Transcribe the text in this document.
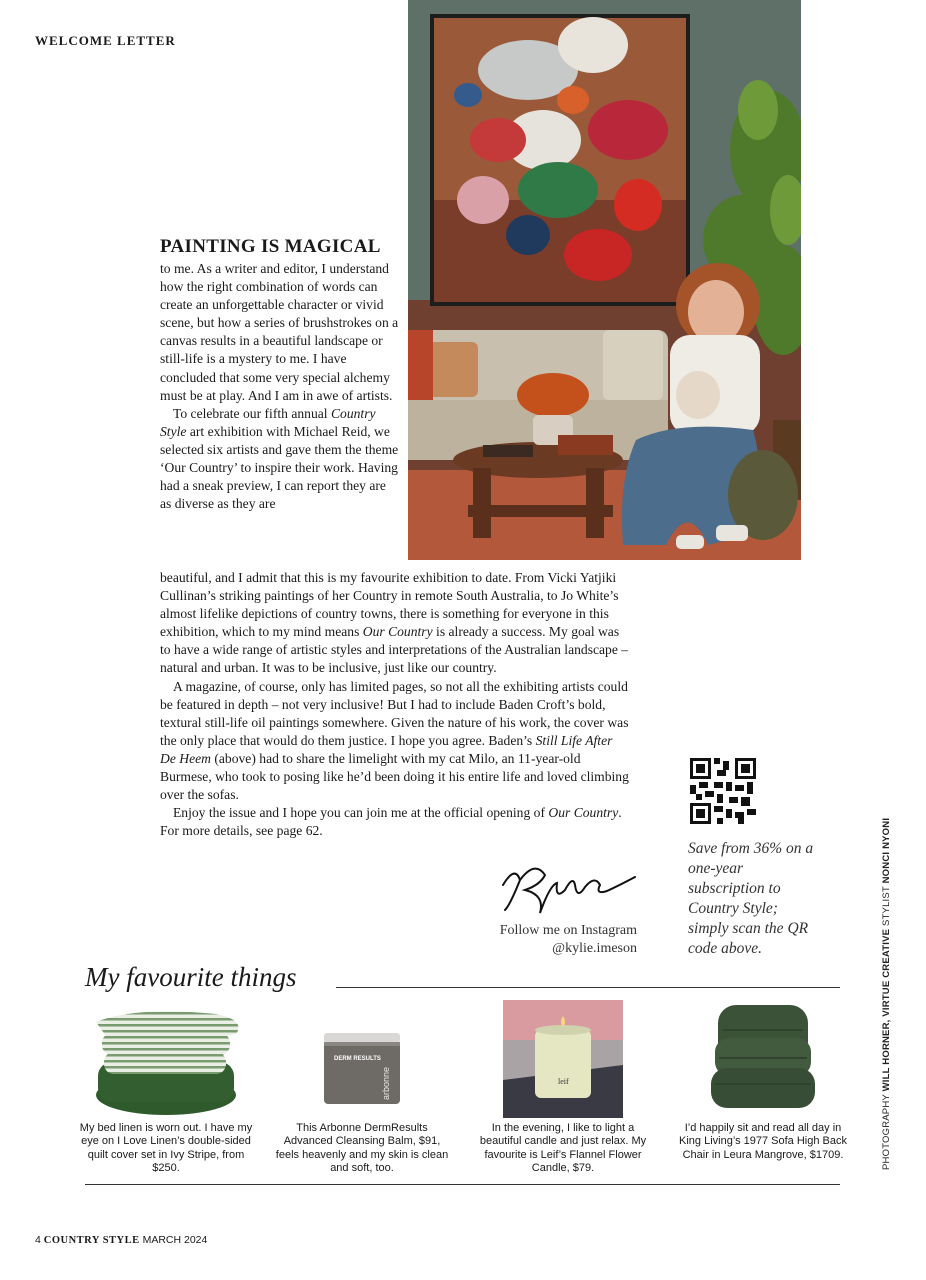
WELCOME LETTER
PAINTING IS MAGICAL

to me. As a writer and editor, I understand how the right combination of words can create an unforgettable character or vivid scene, but how a series of brushstrokes on a canvas results in a beautiful landscape or still-life is a mystery to me. I have concluded that some very special alchemy must be at play. And I am in awe of artists.

To celebrate our fifth annual Country Style art exhibition with Michael Reid, we selected six artists and gave them the theme ‘Our Country’ to inspire their work. Having had a sneak preview, I can report they are as diverse as they are

beautiful, and I admit that this is my favourite exhibition to date. From Vicki Yatjiki Cullinan’s striking paintings of her Country in remote South Australia, to Jo White’s almost lifelike depictions of country towns, there is something for everyone in this exhibition, which to my mind means Our Country is already a success. My goal was to have a wide range of artistic styles and interpretations of the Australian landscape – natural and urban. It was to be inclusive, just like our country.

A magazine, of course, only has limited pages, so not all the exhibiting artists could be featured in depth – not very inclusive! But I had to include Baden Croft’s bold, textural still-life oil paintings somewhere. Given the nature of his work, the cover was the only place that would do them justice. I hope you agree. Baden’s Still Life After De Heem (above) had to share the limelight with my cat Milo, an 11-year-old Burmese, who took to posing like he’d been doing it his entire life and loved climbing over the sofas.

Enjoy the issue and I hope you can join me at the official opening of Our Country. For more details, see page 62.

Follow me on Instagram
@kylie.imeson
Save from 36% on a one-year subscription to Country Style; simply scan the QR code above.
PHOTOGRAPHY WILL HORNER, VIRTUE CREATIVE STYLIST NONCI NYONI
My favourite things
My bed linen is worn out. I have my eye on I Love Linen’s double-sided quilt cover set in Ivy Stripe, from $250.
DERM RESULTS
arbonne
This Arbonne DermResults Advanced Cleansing Balm, $91, feels heavenly and my skin is clean and soft, too.
leif
In the evening, I like to light a beautiful candle and just relax. My favourite is Leif’s Flannel Flower Candle, $79.
I’d happily sit and read all day in King Living’s 1977 Sofa High Back Chair in Leura Mangrove, $1709.
4 COUNTRY STYLE MARCH 2024
